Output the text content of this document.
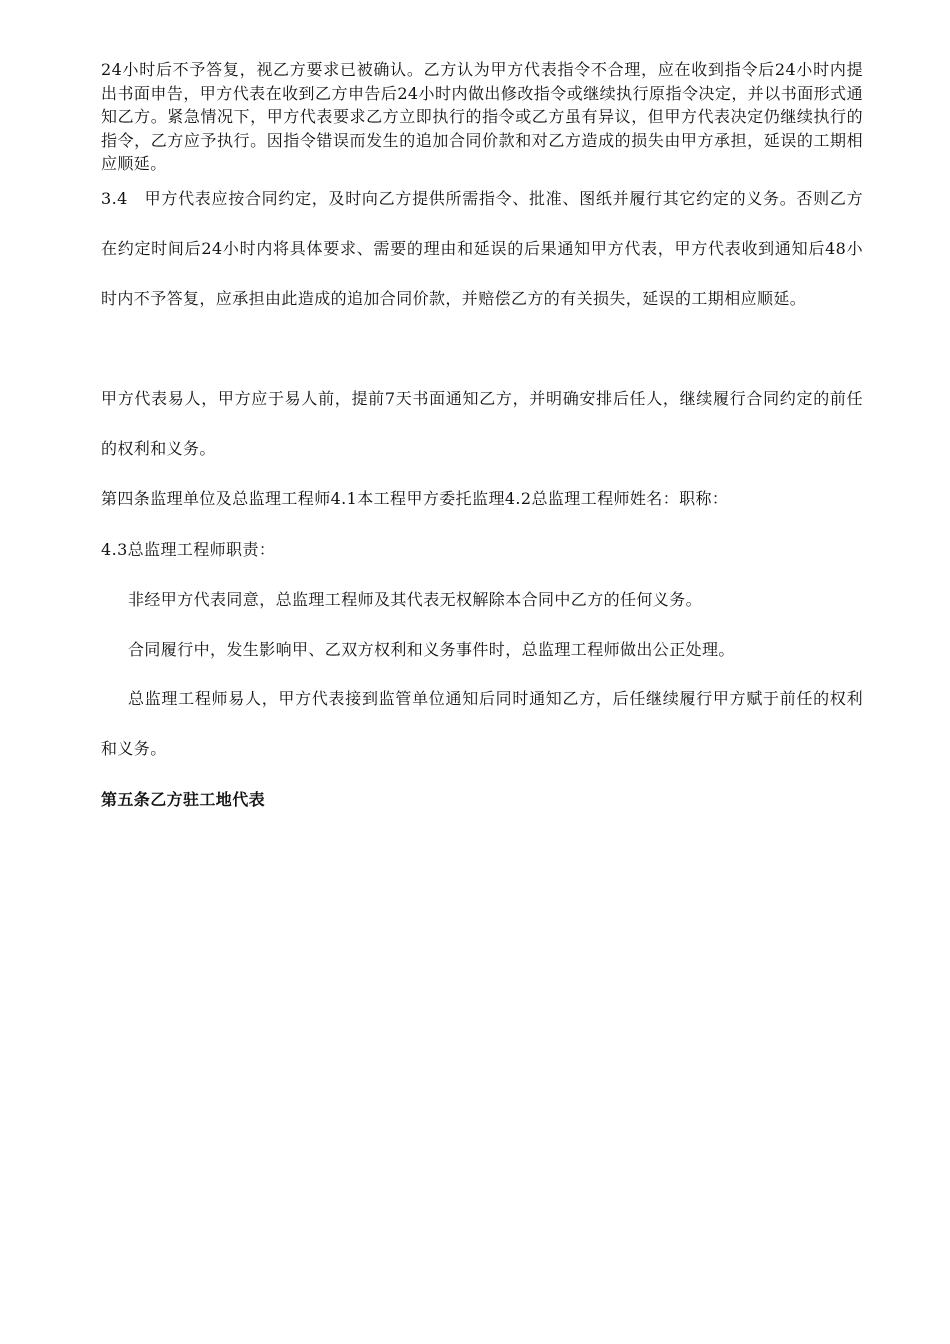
24小时后不予答复，视乙方要求已被确认。乙方认为甲方代表指令不合理，应在收到指令后24小时内提出书面申告，甲方代表在收到乙方申告后24小时内做出修改指令或继续执行原指令决定，并以书面形式通知乙方。紧急情况下，甲方代表要求乙方立即执行的指令或乙方虽有异议，但甲方代表决定仍继续执行的指令，乙方应予执行。因指令错误而发生的追加合同价款和对乙方造成的损失由甲方承担，延误的工期相应顺延。

3.4　甲方代表应按合同约定，及时向乙方提供所需指令、批准、图纸并履行其它约定的义务。否则乙方在约定时间后24小时内将具体要求、需要的理由和延误的后果通知甲方代表，甲方代表收到通知后48小时内不予答复，应承担由此造成的追加合同价款，并赔偿乙方的有关损失，延误的工期相应顺延。

甲方代表易人，甲方应于易人前，提前7天书面通知乙方，并明确安排后任人，继续履行合同约定的前任的权利和义务。

第四条监理单位及总监理工程师4.1本工程甲方委托监理4.2总监理工程师姓名：职称：

4.3总监理工程师职责：

非经甲方代表同意，总监理工程师及其代表无权解除本合同中乙方的任何义务。

合同履行中，发生影响甲、乙双方权利和义务事件时，总监理工程师做出公正处理。

总监理工程师易人，甲方代表接到监管单位通知后同时通知乙方，后任继续履行甲方赋于前任的权利和义务。

第五条乙方驻工地代表
